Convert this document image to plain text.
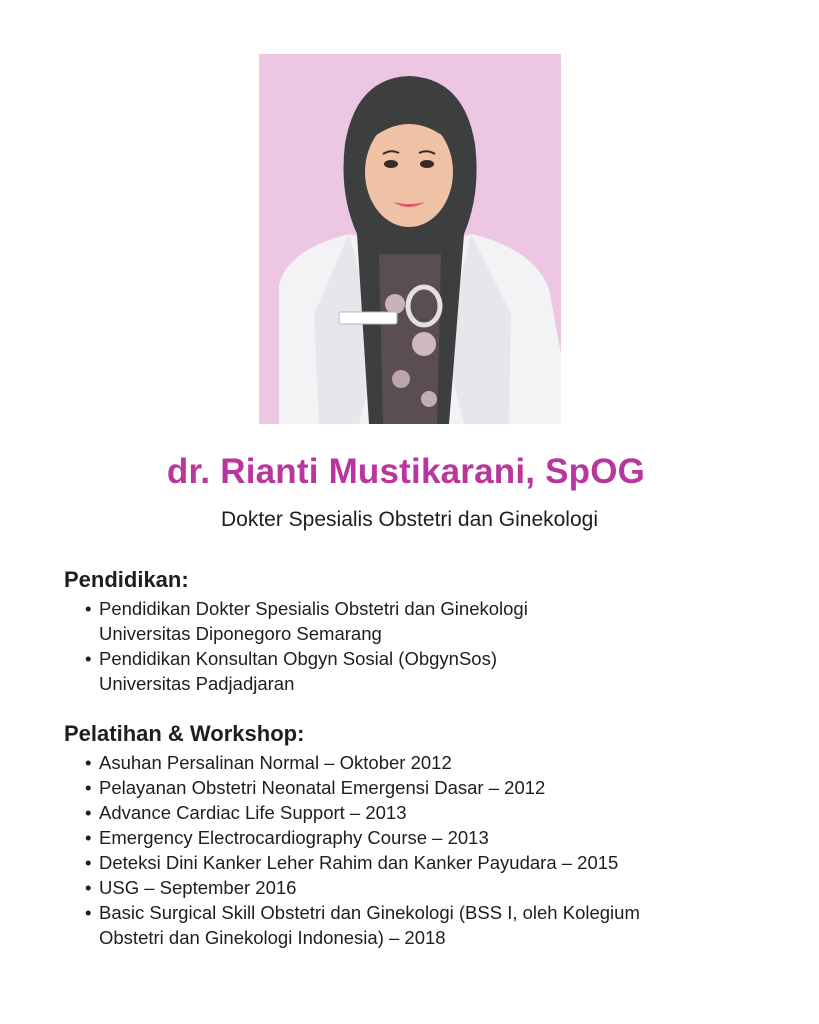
dr. Rianti Mustikarani, SpOG

Dokter Spesialis Obstetri dan Ginekologi

Pendidikan:
• Pendidikan Dokter Spesialis Obstetri dan Ginekologi
Universitas Diponegoro Semarang
• Pendidikan Konsultan Obgyn Sosial (ObgynSos)
Universitas Padjadjaran
Pelatihan & Workshop:
• Asuhan Persalinan Normal – Oktober 2012
• Pelayanan Obstetri Neonatal Emergensi Dasar – 2012
• Advance Cardiac Life Support – 2013
• Emergency Electrocardiography Course – 2013
• Deteksi Dini Kanker Leher Rahim dan Kanker Payudara – 2015
• USG – September 2016
• Basic Surgical Skill Obstetri dan Ginekologi (BSS I, oleh Kolegium
Obstetri dan Ginekologi Indonesia) – 2018
